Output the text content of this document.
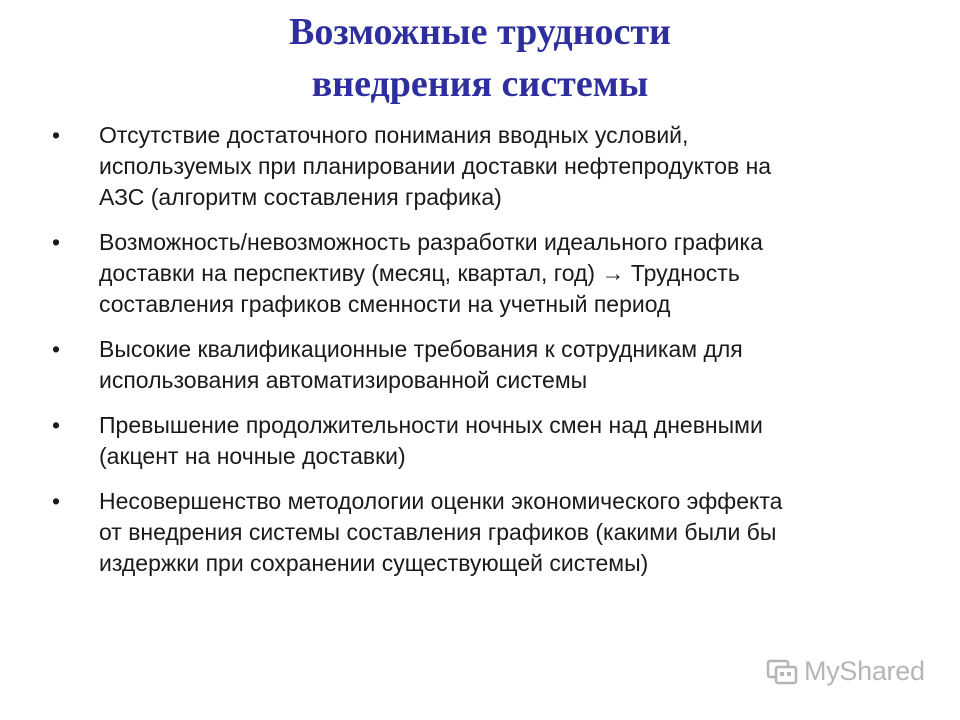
Возможные трудности
внедрения системы
•	Отсутствие достаточного понимания вводных условий,
используемых при планировании доставки нефтепродуктов на
АЗС (алгоритм составления графика)
•	Возможность/невозможность разработки идеального графика
доставки на перспективу (месяц, квартал, год) → Трудность
составления графиков сменности на учетный период
•	Высокие квалификационные требования к сотрудникам для
использования автоматизированной системы
•	Превышение продолжительности ночных смен над дневными
(акцент на ночные доставки)
•	Несовершенство методологии оценки экономического эффекта
от внедрения системы составления графиков (какими были бы
издержки при сохранении существующей системы)
MyShared
